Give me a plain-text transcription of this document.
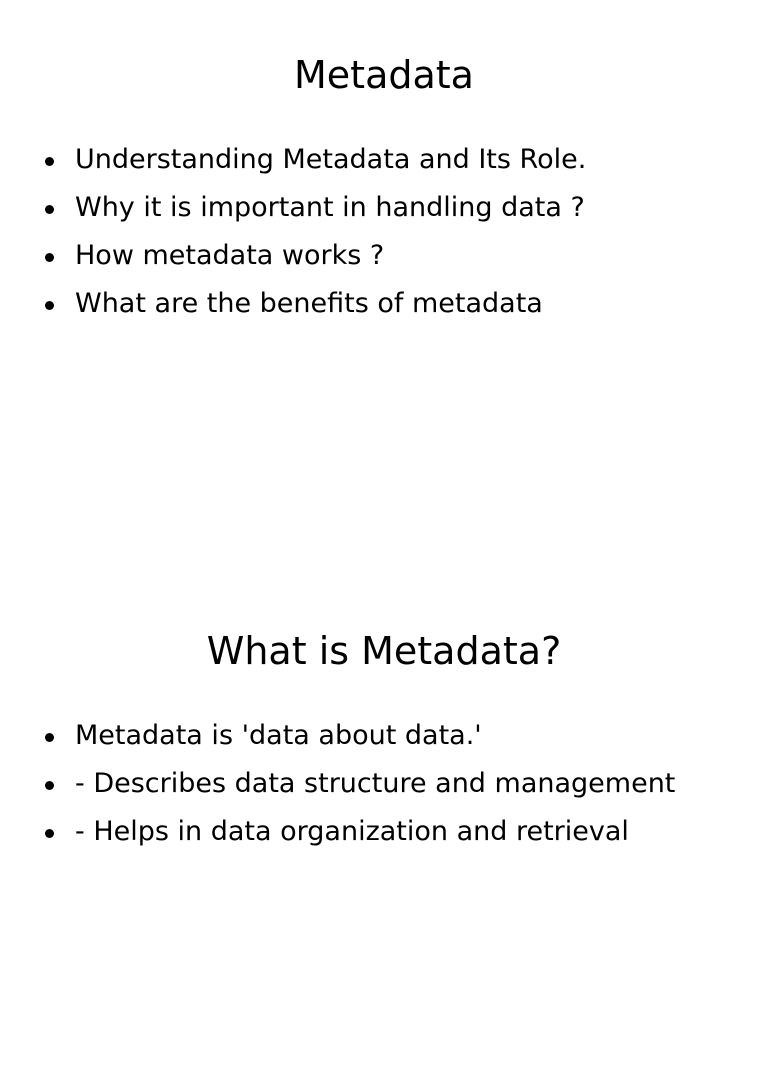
Metadata
Understanding Metadata and Its Role.
Why it is important in handling data ?
How metadata works ?
What are the benefits of metadata
What is Metadata?
Metadata is 'data about data.'
- Describes data structure and management
- Helps in data organization and retrieval
